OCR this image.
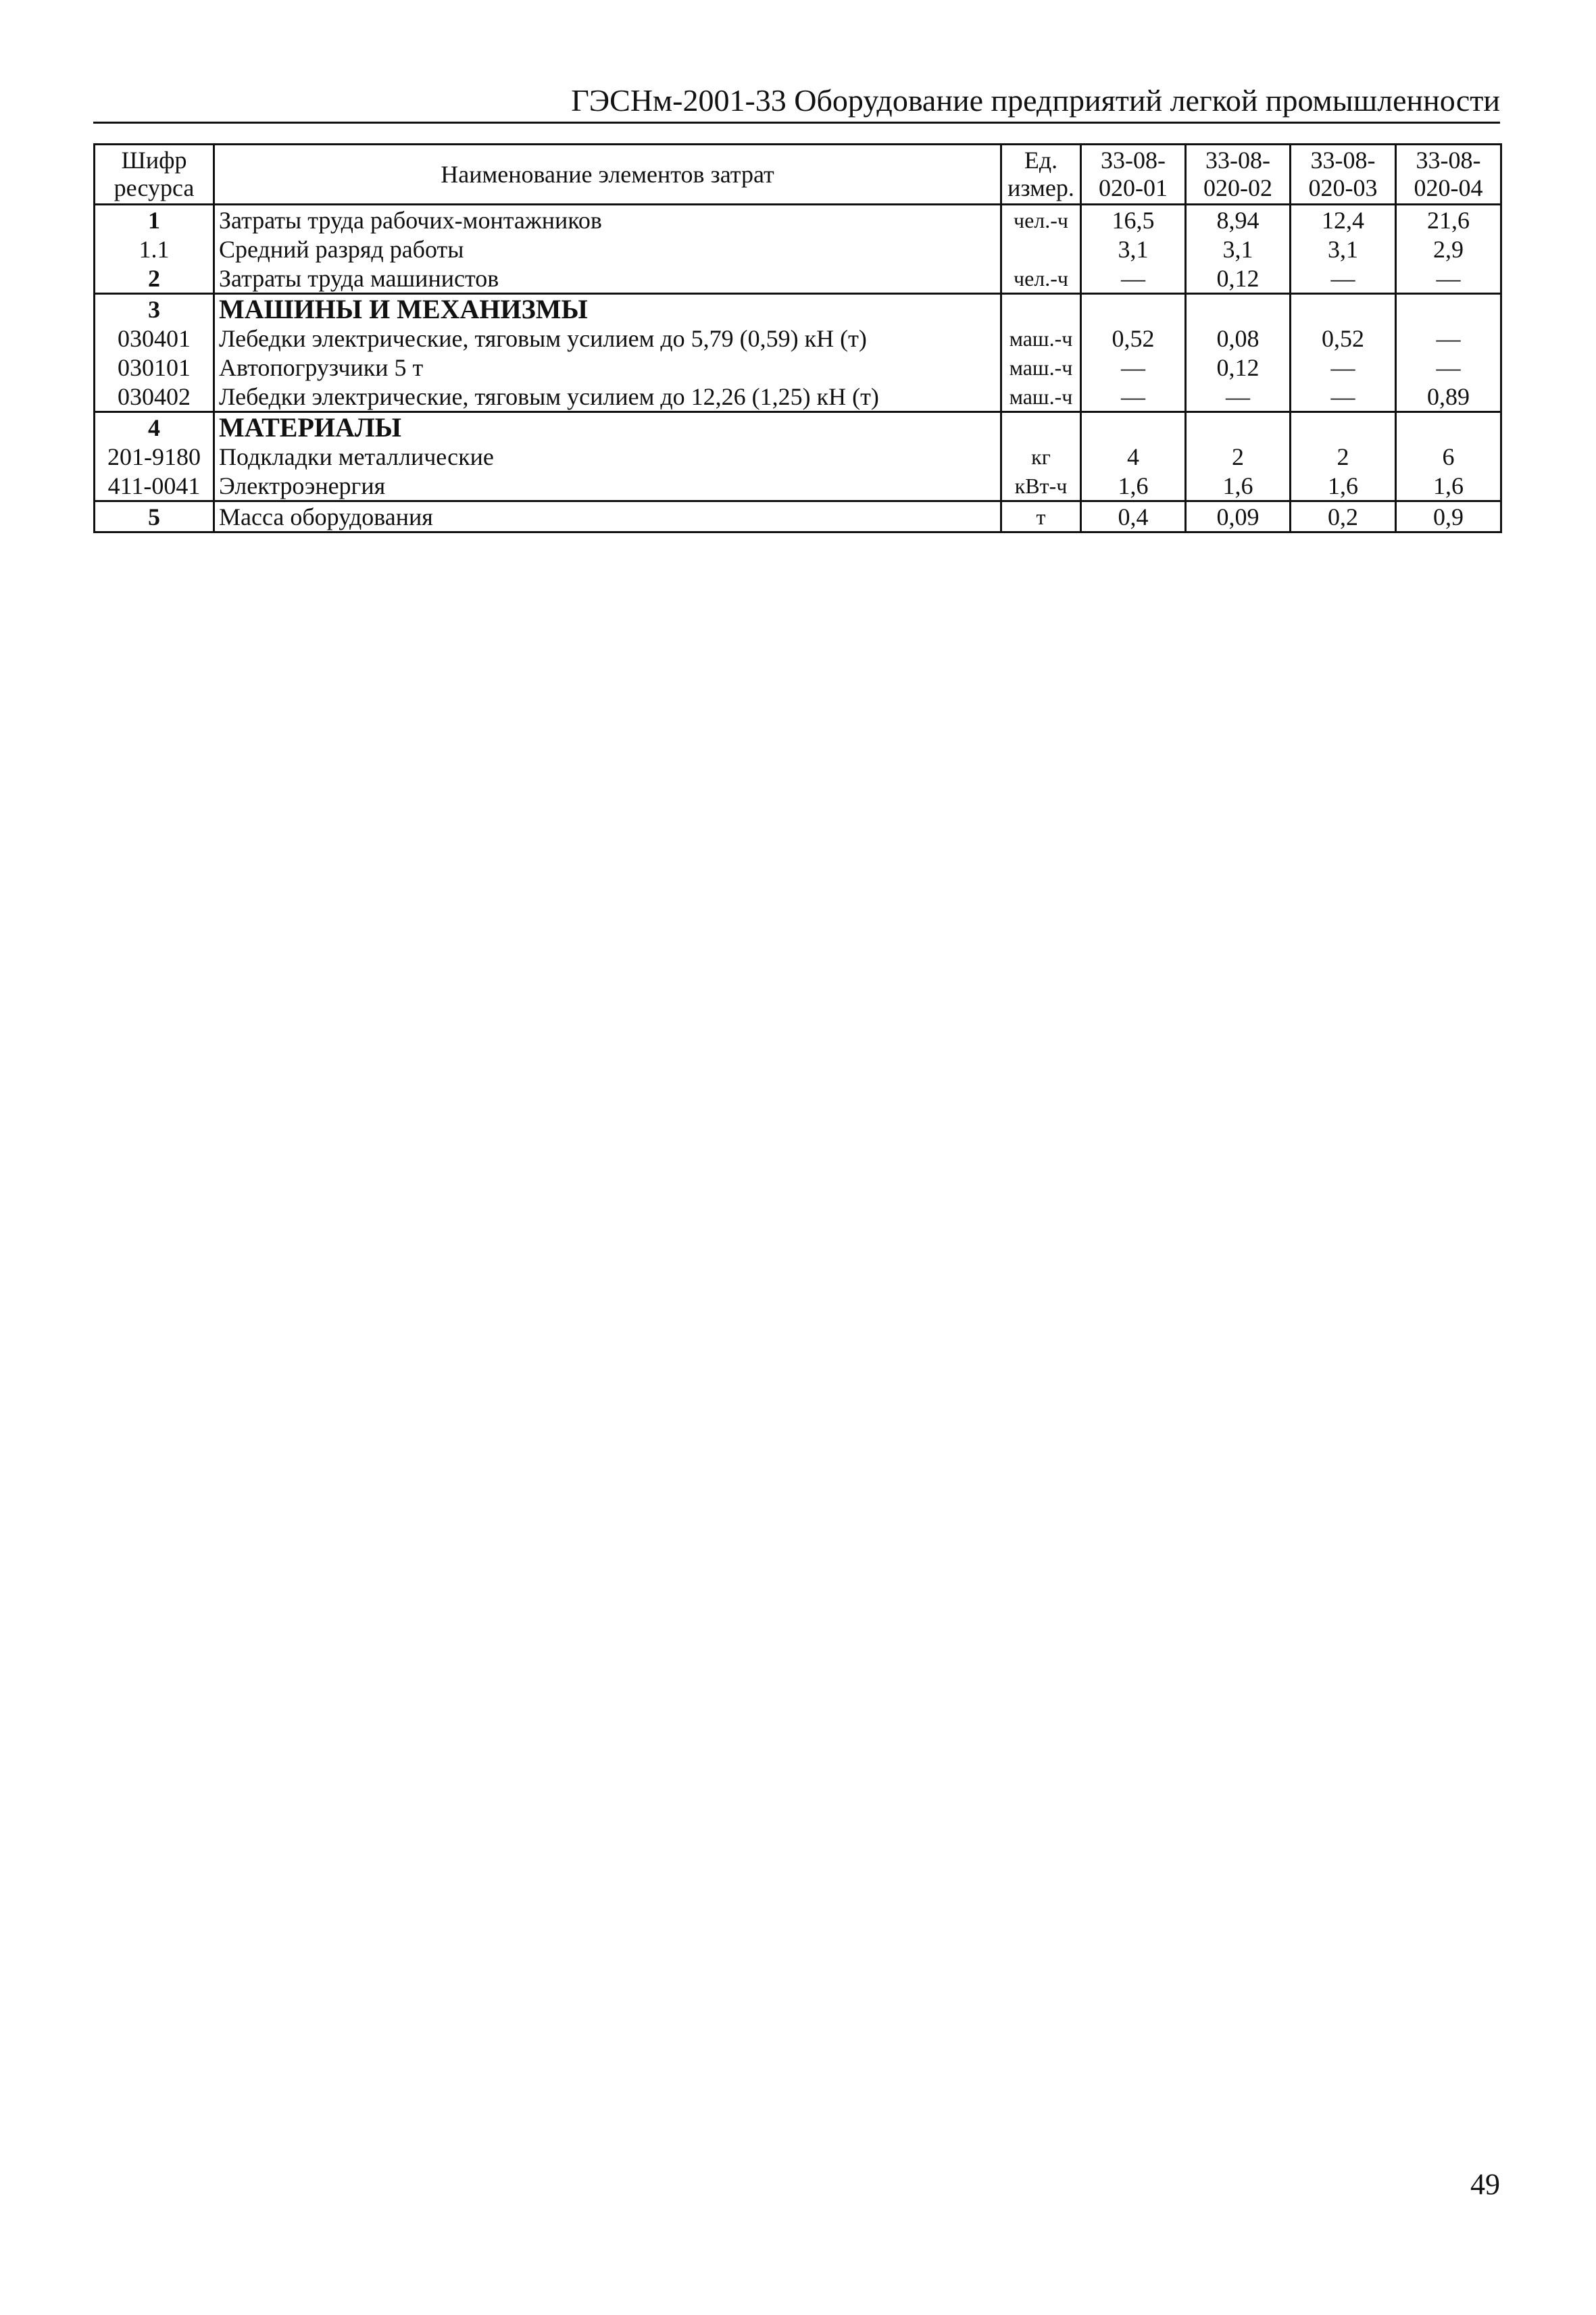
ГЭСНм-2001-33 Оборудование предприятий легкой промышленности
Шифр ресурса	Наименование элементов затрат	Ед. измер.	33-08- 020-01	33-08- 020-02	33-08- 020-03	33-08- 020-04
1	Затраты труда рабочих-монтажников	чел.-ч	16,5	8,94	12,4	21,6
1.1	Средний разряд работы		3,1	3,1	3,1	2,9
2	Затраты труда машинистов	чел.-ч	—	0,12	—	—
3	МАШИНЫ И МЕХАНИЗМЫ					
030401	Лебедки электрические, тяговым усилием до 5,79 (0,59) кН (т)	маш.-ч	0,52	0,08	0,52	—
030101	Автопогрузчики 5 т	маш.-ч	—	0,12	—	—
030402	Лебедки электрические, тяговым усилием до 12,26 (1,25) кН (т)	маш.-ч	—	—	—	0,89
4	МАТЕРИАЛЫ					
201-9180	Подкладки металлические	кг	4	2	2	6
411-0041	Электроэнергия	кВт-ч	1,6	1,6	1,6	1,6
5	Масса оборудования	т	0,4	0,09	0,2	0,9
49
